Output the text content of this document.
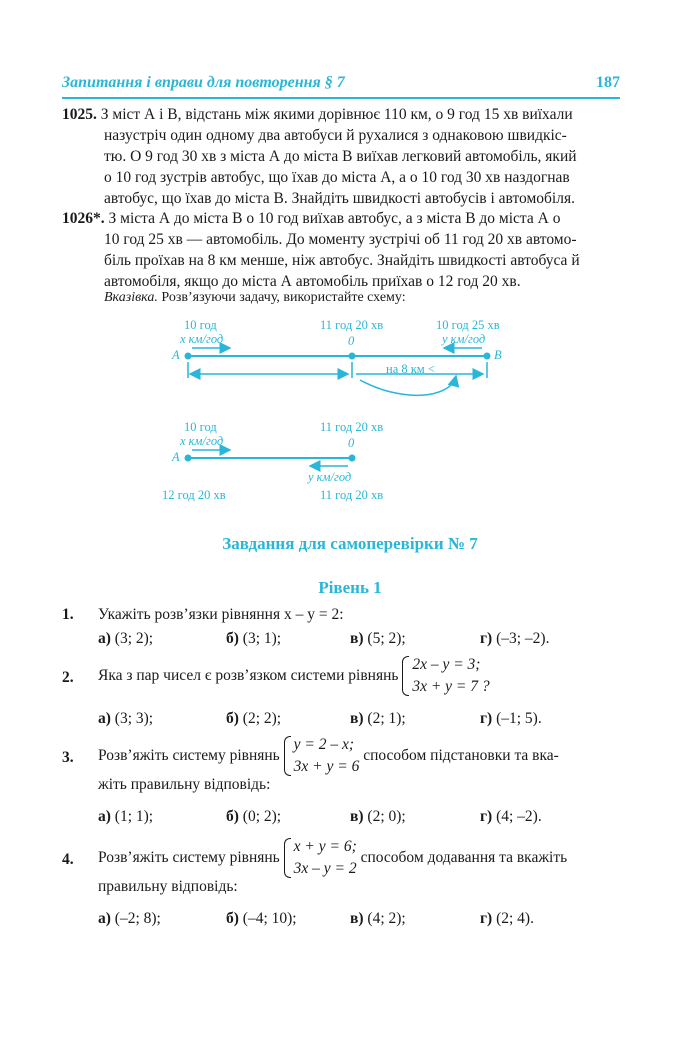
Запитання і вправи для повторення § 7	187
1025. З міст А і В, відстань між якими дорівнює 110 км, о 9 год 15 хв виїхали
назустріч один одному два автобуси й рухалися з однаковою швидкіс-
тю. О 9 год 30 хв з міста А до міста В виїхав легковий автомобіль, який
о 10 год зустрів автобус, що їхав до міста А, а о 10 год 30 хв наздогнав
автобус, що їхав до міста В. Знайдіть швидкості автобусів і автомобіля.
1026*. З міста А до міста В о 10 год виїхав автобус, а з міста В до міста А о
10 год 25 хв — автомобіль. До моменту зустрічі об 11 год 20 хв автомо-
біль проїхав на 8 км менше, ніж автобус. Знайдіть швидкості автобуса й
автомобіля, якщо до міста А автомобіль приїхав о 12 год 20 хв.
Вказівка. Розв’язуючи задачу, використайте схему:
10 год
x км/год
A
11 год 20 хв
0
10 год 25 хв
y км/год
B
на 8 км <
10 год
x км/год
A
11 год 20 хв
0
y км/год
12 год 20 хв	11 год 20 хв
Завдання для самоперевірки № 7
Рівень 1
1. Укажіть розв’язки рівняння x – y = 2:
а) (3; 2);	б) (3; 1);	в) (5; 2);	г) (–3; –2).
2. Яка з пар чисел є розв’язком системи рівнянь
2x – y = 3;
3x + y = 7 ?
а) (3; 3);	б) (2; 2);	в) (2; 1);	г) (–1; 5).
3. Розв’яжіть систему рівнянь
y = 2 – x;
3x + y = 6
способом підстановки та вка-
жіть правильну відповідь:
а) (1; 1);	б) (0; 2);	в) (2; 0);	г) (4; –2).
4. Розв’яжіть систему рівнянь
x + y = 6;
3x – y = 2
способом додавання та вкажіть
правильну відповідь:
а) (–2; 8);	б) (–4; 10);	в) (4; 2);	г) (2; 4).
